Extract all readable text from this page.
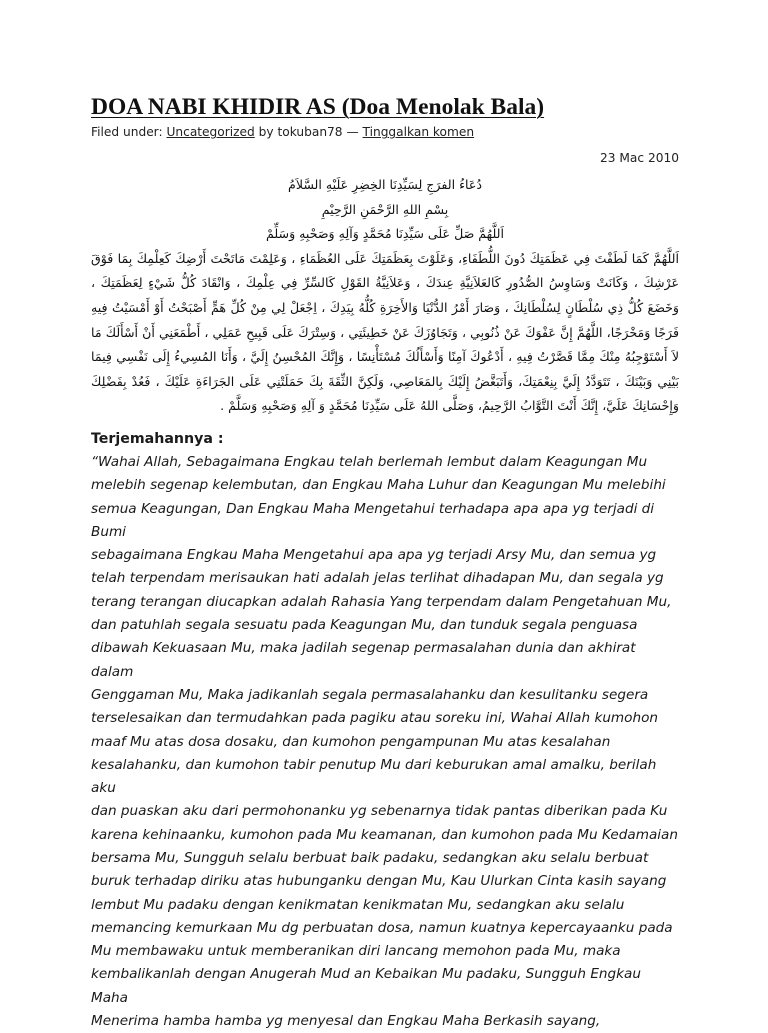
DOA NABI KHIDIR AS (Doa Menolak Bala)
Filed under: Uncategorized by tokuban78 — Tinggalkan komen
23 Mac 2010
دُعَاءُ الفرَجِ لِسَيِّدِنَا الخِضِرِ عَلَيْهِ السَّلاَمُ
بِسْمِ اللهِ الرَّحْمَنِ الرَّحِيْمِ
اَللَّهُمَّ صَلِّ عَلَى سَيِّدِنَا مُحَمَّدٍ وَآلِهِ وَصَحْبِهِ وَسَلِّمْ
اَللَّهُمَّ كَمَا لَطَفْتَ فِي عَظَمَتِكَ دُونَ اللُّطَفَاءِ، وَعَلَوْتَ بِعَظَمَتِكَ عَلَى العُظَمَاءِ ، وَعَلِمْتَ مَاتَحْتَ أَرْضِكَ كَعِلْمِكَ بِمَا فَوْقَ عَرْشِكَ ، وَكَانَتْ وَسَاوِسُ الصُّدُورِ كَالعَلاَنِيَّةِ عِندَكَ ، وَعَلاَنِيَّةُ القَوْلِ كَالسِّرِّ فِي عِلْمِكَ ، وَانْقَادَ كُلُّ شَيْءٍ لِعَظَمَتِكَ ، وَخَضَعَ كُلُّ ذِي سُلْطَانٍ لِسُلْطَانِكَ ، وَصَارَ أَمْرُ الدُّنْيَا وَالأَخِرَةِ كُلُّهُ بِيَدِكَ ، اِجْعَلْ لِي مِنْ كُلِّ هَمٍّ أَصْبَحْتُ أَوْ أَمْسَيْتُ فِيهِ فَرَجًا وَمَخْرَجًا، اللَّهُمَّ إِنَّ عَفْوَكَ عَنْ ذُنُوبِي ، وَتَجَاوُزَكَ عَنْ خَطِيئَتِي ، وَسِتْرَكَ عَلَى قَبِيحِ عَمَلِي ، أَطْمَعَنِي أَنْ أَسْأَلَكَ مَا لاَ أَسْتَوْجِبُهُ مِنْكَ مِمَّا قَصَّرْتُ فِيهِ ، أَدْعُوكَ آمِنًا وَأَسْأَلُكَ مُسْتَأْنِسًا ، وَإِنَّكَ المُحْسِنُ إِلَيَّ ، وَأَنَا المُسِيءُ إِلَى نَفْسِي فِيمَا بَيْنِي وَبَيْنَكَ ، تَتَوَدَّدُ إِلَيَّ بِنِعْمَتِكَ، وَأَتَبَغَّضُ إِلَيْكَ بِالمَعَاصِي، وَلَكِنَّ الثِّقَةَ بِكَ حَمَلَتْنِي عَلَى الجَرَاءَةِ عَلَيْكَ ، فَعُدْ بِفَضْلِكَ وَإِحْسَانِكَ عَلَيَّ، إِنَّكَ أَنْتَ التَّوَّابُ الرَّحِيمُ، وَصَلَّى اللهُ عَلَى سَيِّدِنَا مُحَمَّدٍ وَ آلِهِ وَصَحْبِهِ وَسَلَّمْ .
Terjemahannya :
“Wahai Allah, Sebagaimana Engkau telah berlemah lembut dalam Keagungan Mu
melebih segenap kelembutan, dan Engkau Maha Luhur dan Keagungan Mu melebihi
semua Keagungan, Dan Engkau Maha Mengetahui terhadapa apa apa yg terjadi di Bumi
sebagaimana Engkau Maha Mengetahui apa apa yg terjadi Arsy Mu, dan semua yg
telah terpendam merisaukan hati adalah jelas terlihat dihadapan Mu, dan segala yg
terang terangan diucapkan adalah Rahasia Yang terpendam dalam Pengetahuan Mu,
dan patuhlah segala sesuatu pada Keagungan Mu, dan tunduk segala penguasa
dibawah Kekuasaan Mu, maka jadilah segenap permasalahan dunia dan akhirat dalam
Genggaman Mu, Maka jadikanlah segala permasalahanku dan kesulitanku segera
terselesaikan dan termudahkan pada pagiku atau soreku ini, Wahai Allah kumohon
maaf Mu atas dosa dosaku, dan kumohon pengampunan Mu atas kesalahan
kesalahanku, dan kumohon tabir penutup Mu dari keburukan amal amalku, berilah aku
dan puaskan aku dari permohonanku yg sebenarnya tidak pantas diberikan pada Ku
karena kehinaanku, kumohon pada Mu keamanan, dan kumohon pada Mu Kedamaian
bersama Mu, Sungguh selalu berbuat baik padaku, sedangkan aku selalu berbuat
buruk terhadap diriku atas hubunganku dengan Mu, Kau Ulurkan Cinta kasih sayang
lembut Mu padaku dengan kenikmatan kenikmatan Mu, sedangkan aku selalu
memancing kemurkaan Mu dg perbuatan dosa, namun kuatnya kepercayaanku pada
Mu membawaku untuk memberanikan diri lancang memohon pada Mu, maka
kembalikanlah dengan Anugerah Mud an Kebaikan Mu padaku, Sungguh Engkau Maha
Menerima hamba hamba yg menyesal dan Engkau Maha Berkasih sayang,
